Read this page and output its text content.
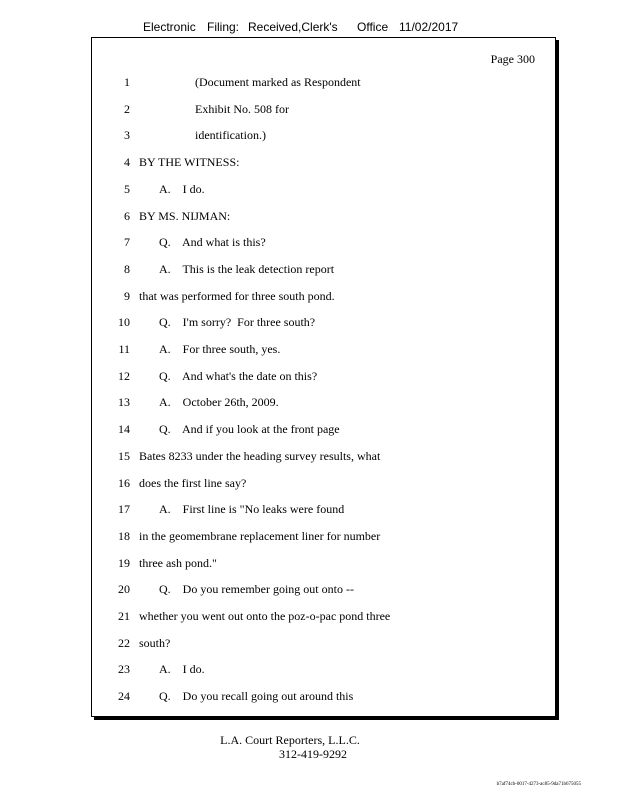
Electronic Filing: Received,Clerk's Office 11/02/2017
Page 300
1	(Document marked as Respondent
2	Exhibit No. 508 for
3	identification.)
4 BY THE WITNESS:
5 A.    I do.
6 BY MS. NIJMAN:
7 Q.    And what is this?
8 A.    This is the leak detection report
9 that was performed for three south pond.
10 Q.    I'm sorry?  For three south?
11 A.    For three south, yes.
12 Q.    And what's the date on this?
13 A.    October 26th, 2009.
14 Q.    And if you look at the front page
15 Bates 8233 under the heading survey results, what
16 does the first line say?
17 A.    First line is "No leaks were found
18 in the geomembrane replacement liner for number
19 three ash pond."
20 Q.    Do you remember going out onto --
21 whether you went out onto the poz-o-pac pond three
22 south?
23 A.    I do.
24 Q.    Do you recall going out around this
L.A. Court Reporters, L.L.C.
312-419-9292
b7af74cb-0017-4273-ac85-9da71b675055
